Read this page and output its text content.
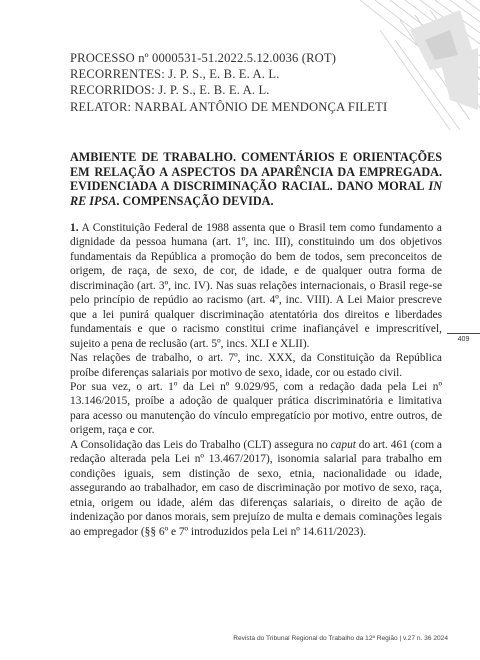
PROCESSO nº 0000531-51.2022.5.12.0036 (ROT)
RECORRENTES: J. P. S., E. B. E. A. L.
RECORRIDOS: J. P. S., E. B. E. A. L.
RELATOR: NARBAL ANTÔNIO DE MENDONÇA FILETI
AMBIENTE DE TRABALHO. COMENTÁRIOS E ORIENTAÇÕES EM RELAÇÃO A ASPECTOS DA APARÊNCIA DA EMPREGADA. EVIDENCIADA A DISCRIMINAÇÃO RACIAL. DANO MORAL IN RE IPSA. COMPENSAÇÃO DEVIDA.

1. A Constituição Federal de 1988 assenta que o Brasil tem como fundamento a dignidade da pessoa humana (art. 1º, inc. III), constituindo um dos objetivos fundamentais da República a promoção do bem de todos, sem preconceitos de origem, de raça, de sexo, de cor, de idade, e de qualquer outra forma de discriminação (art. 3º, inc. IV). Nas suas relações internacionais, o Brasil rege-se pelo princípio de repúdio ao racismo (art. 4º, inc. VIII). A Lei Maior prescreve que a lei punirá qualquer discriminação atentatória dos direitos e liberdades fundamentais e que o racismo constitui crime inafiançável e imprescritível, sujeito a pena de reclusão (art. 5º, incs. XLI e XLII).

Nas relações de trabalho, o art. 7º, inc. XXX, da Constituição da República proíbe diferenças salariais por motivo de sexo, idade, cor ou estado civil.

Por sua vez, o art. 1º da Lei nº 9.029/95, com a redação dada pela Lei nº 13.146/2015, proíbe a adoção de qualquer prática discriminatória e limitativa para acesso ou manutenção do vínculo empregatício por motivo, entre outros, de origem, raça e cor.

A Consolidação das Leis do Trabalho (CLT) assegura no caput do art. 461 (com a redação alterada pela Lei nº 13.467/2017), isonomia salarial para trabalho em condições iguais, sem distinção de sexo, etnia, nacionalidade ou idade, assegurando ao trabalhador, em caso de discriminação por motivo de sexo, raça, etnia, origem ou idade, além das diferenças salariais, o direito de ação de indenização por danos morais, sem prejuízo de multa e demais cominações legais ao empregador (§§ 6º e 7º introduzidos pela Lei nº 14.611/2023).

409
Revista do Tribunal Regional do Trabalho da 12ª Região | v.27 n. 36 2024
